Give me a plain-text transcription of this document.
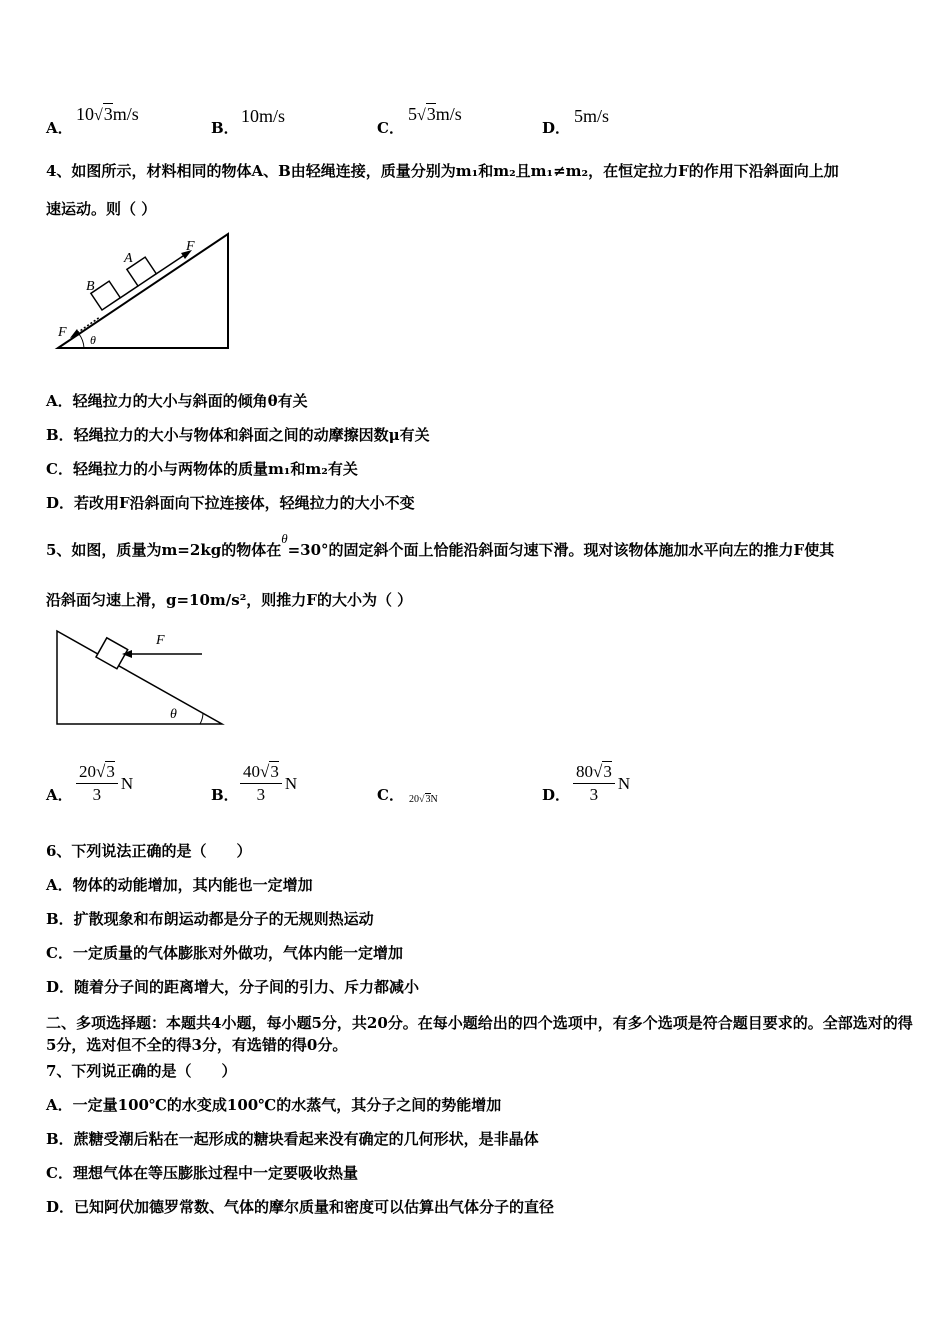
A．
10√3m/s
B．
10m/s
C．
5√3m/s
D．
5m/s
4、如图所示，材料相同的物体A、B由轻绳连接，质量分别为m₁和m₂且m₁≠m₂，在恒定拉力F的作用下沿斜面向上加
速运动。则（ ）
A
B
F
F θ
A．轻绳拉力的大小与斜面的倾角θ有关
B．轻绳拉力的大小与物体和斜面之间的动摩擦因数μ有关
C．轻绳拉力的小与两物体的质量m₁和m₂有关
D．若改用F沿斜面向下拉连接体，轻绳拉力的大小不变
5、如图，质量为m=2kg的物体在θ=30°的固定斜个面上恰能沿斜面匀速下滑。现对该物体施加水平向左的推力F使其
沿斜面匀速上滑，g=10m/s²，则推力F的大小为（ ）
F
θ
A． $\frac{20√3}{3}$ N
B． $\frac{40√3}{3}$ N
C． 20√3N	D． $\frac{80√3}{3}$ N
6、下列说法正确的是（　　）
A．物体的动能增加，其内能也一定增加
B．扩散现象和布朗运动都是分子的无规则热运动
C．一定质量的气体膨胀对外做功，气体内能一定增加
D．随着分子间的距离增大，分子间的引力、斥力都减小
二、多项选择题：本题共4小题，每小题5分，共20分。在每小题给出的四个选项中，有多个选项是符合题目要求的。全部选对的得5分，选对但不全的得3分，有选错的得0分。
7、下列说正确的是（　　）
A．一定量100℃的水变成100℃的水蒸气，其分子之间的势能增加
B．蔗糖受潮后粘在一起形成的糖块看起来没有确定的几何形状，是非晶体
C．理想气体在等压膨胀过程中一定要吸收热量
D．已知阿伏加德罗常数、气体的摩尔质量和密度可以估算出气体分子的直径
